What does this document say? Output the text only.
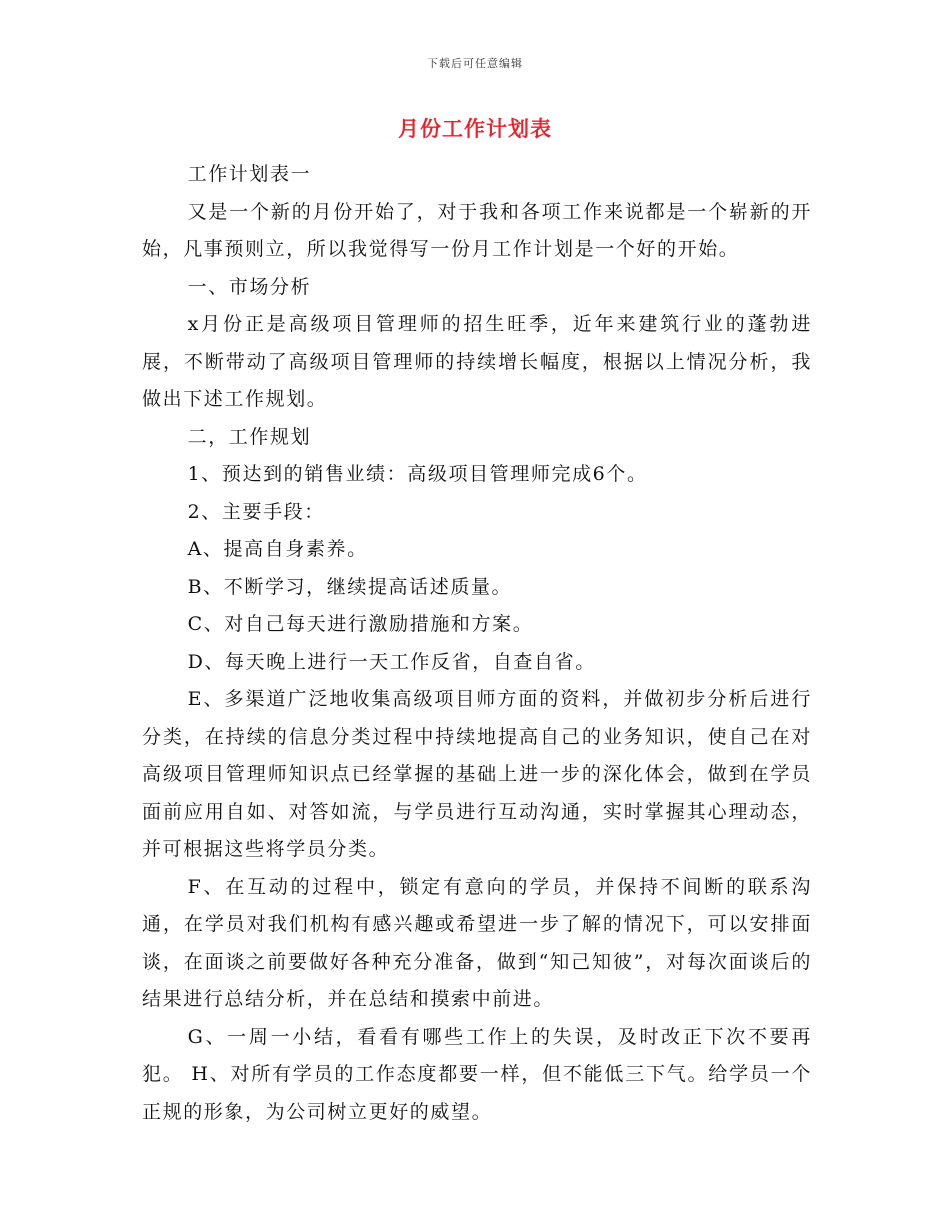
下载后可任意编辑
月份工作计划表

工作计划表一

又是一个新的月份开始了，对于我和各项工作来说都是一个崭新的开始，凡事预则立，所以我觉得写一份月工作计划是一个好的开始。

一、市场分析

x月份正是高级项目管理师的招生旺季，近年来建筑行业的蓬勃进展，不断带动了高级项目管理师的持续增长幅度，根据以上情况分析，我做出下述工作规划。

二，工作规划

1、预达到的销售业绩：高级项目管理师完成6个。

2、主要手段：

A、提高自身素养。

B、不断学习，继续提高话述质量。

C、对自己每天进行激励措施和方案。

D、每天晚上进行一天工作反省，自查自省。

E、多渠道广泛地收集高级项目师方面的资料，并做初步分析后进行分类，在持续的信息分类过程中持续地提高自己的业务知识，使自己在对高级项目管理师知识点已经掌握的基础上进一步的深化体会，做到在学员面前应用自如、对答如流，与学员进行互动沟通，实时掌握其心理动态，并可根据这些将学员分类。

F、在互动的过程中，锁定有意向的学员，并保持不间断的联系沟通，在学员对我们机构有感兴趣或希望进一步了解的情况下，可以安排面谈，在面谈之前要做好各种充分准备，做到“知己知彼”，对每次面谈后的结果进行总结分析，并在总结和摸索中前进。

G、一周一小结，看看有哪些工作上的失误，及时改正下次不要再犯。 H、对所有学员的工作态度都要一样，但不能低三下气。给学员一个正规的形象，为公司树立更好的威望。
